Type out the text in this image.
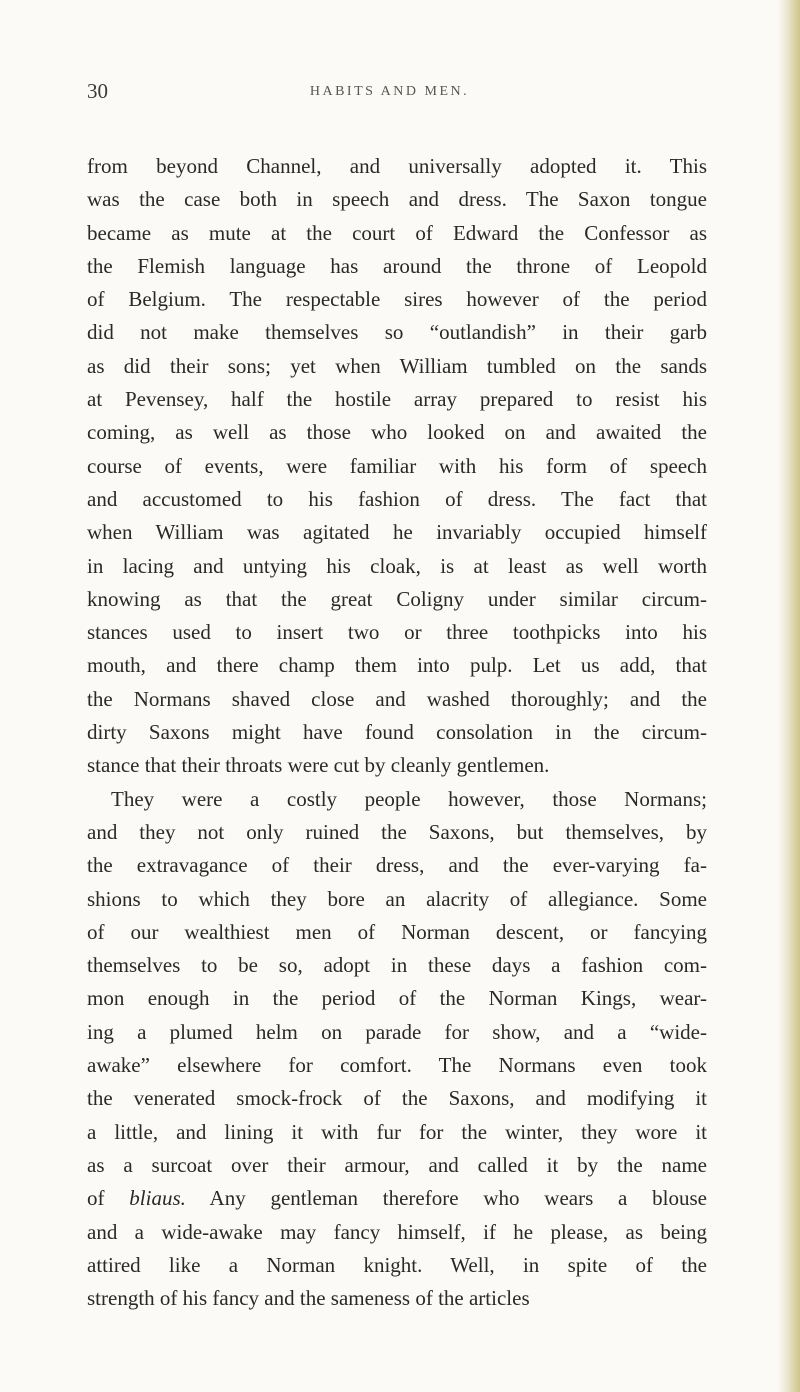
30	HABITS AND MEN.
from beyond Channel, and universally adopted it. This
was the case both in speech and dress. The Saxon tongue
became as mute at the court of Edward the Confessor as
the Flemish language has around the throne of Leopold
of Belgium. The respectable sires however of the period
did not make themselves so “outlandish” in their garb
as did their sons; yet when William tumbled on the sands
at Pevensey, half the hostile array prepared to resist his
coming, as well as those who looked on and awaited the
course of events, were familiar with his form of speech
and accustomed to his fashion of dress. The fact that
when William was agitated he invariably occupied himself
in lacing and untying his cloak, is at least as well worth
knowing as that the great Coligny under similar circum-
stances used to insert two or three toothpicks into his
mouth, and there champ them into pulp. Let us add, that
the Normans shaved close and washed thoroughly; and the
dirty Saxons might have found consolation in the circum-
stance that their throats were cut by cleanly gentlemen.
They were a costly people however, those Normans;
and they not only ruined the Saxons, but themselves, by
the extravagance of their dress, and the ever-varying fa-
shions to which they bore an alacrity of allegiance. Some
of our wealthiest men of Norman descent, or fancying
themselves to be so, adopt in these days a fashion com-
mon enough in the period of the Norman Kings, wear-
ing a plumed helm on parade for show, and a “wide-
awake” elsewhere for comfort. The Normans even took
the venerated smock-frock of the Saxons, and modifying it
a little, and lining it with fur for the winter, they wore it
as a surcoat over their armour, and called it by the name
of bliaus. Any gentleman therefore who wears a blouse
and a wide-awake may fancy himself, if he please, as being
attired like a Norman knight. Well, in spite of the
strength of his fancy and the sameness of the articles
